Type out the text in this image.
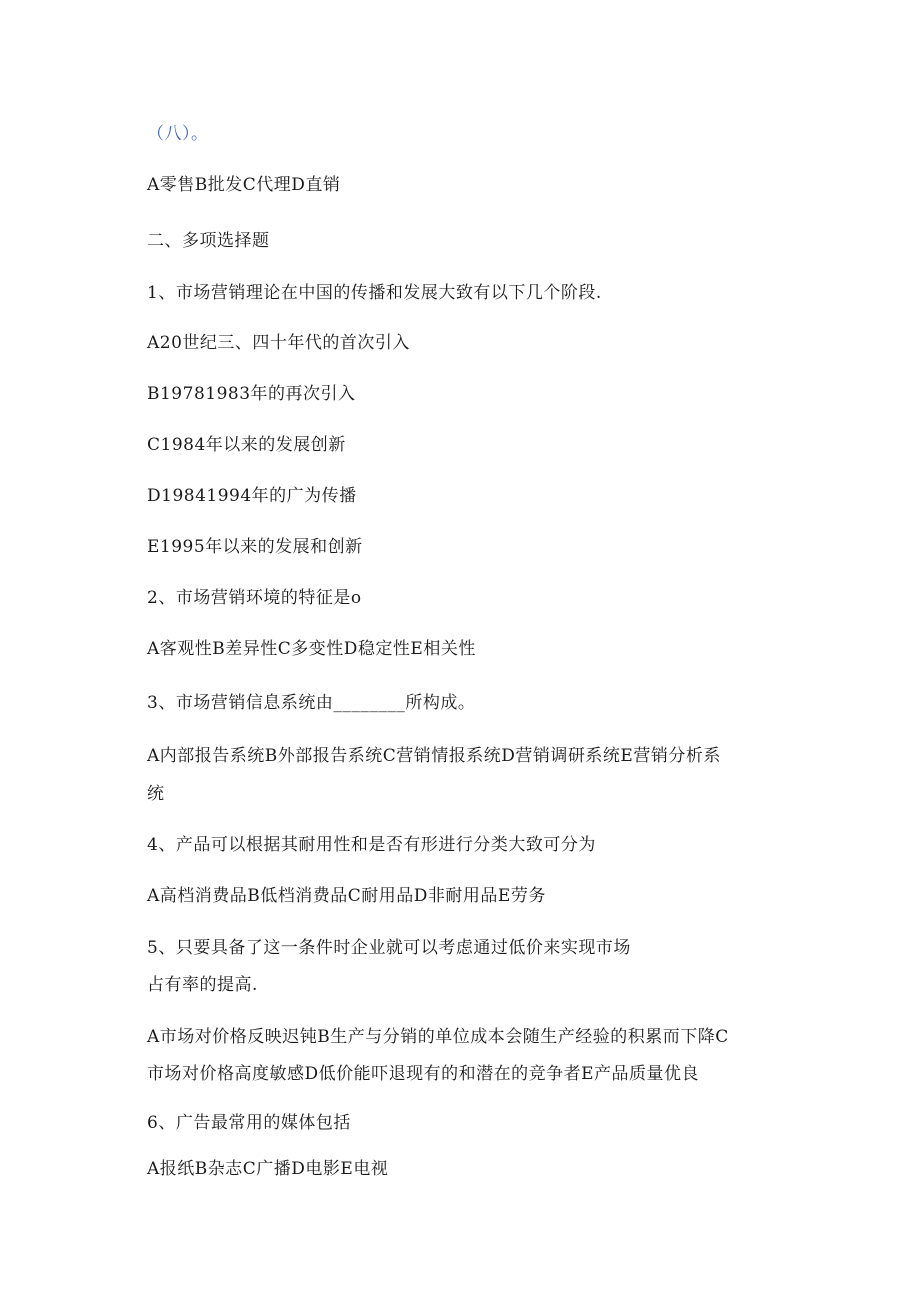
（八）。
A零售B批发C代理D直销
二、多项选择题
1、市场营销理论在中国的传播和发展大致有以下几个阶段.
A20世纪三、四十年代的首次引入
B19781983年的再次引入
C1984年以来的发展创新
D19841994年的广为传播
E1995年以来的发展和创新
2、市场营销环境的特征是o
A客观性B差异性C多变性D稳定性E相关性
3、市场营销信息系统由________所构成。
A内部报告系统B外部报告系统C营销情报系统D营销调研系统E营销分析系
统
4、产品可以根据其耐用性和是否有形进行分类大致可分为
A高档消费品B低档消费品C耐用品D非耐用品E劳务
5、只要具备了这一条件时企业就可以考虑通过低价来实现市场
占有率的提高.
A市场对价格反映迟钝B生产与分销的单位成本会随生产经验的积累而下降C
市场对价格高度敏感D低价能吓退现有的和潜在的竞争者E产品质量优良
6、广告最常用的媒体包括
A报纸B杂志C广播D电影E电视
